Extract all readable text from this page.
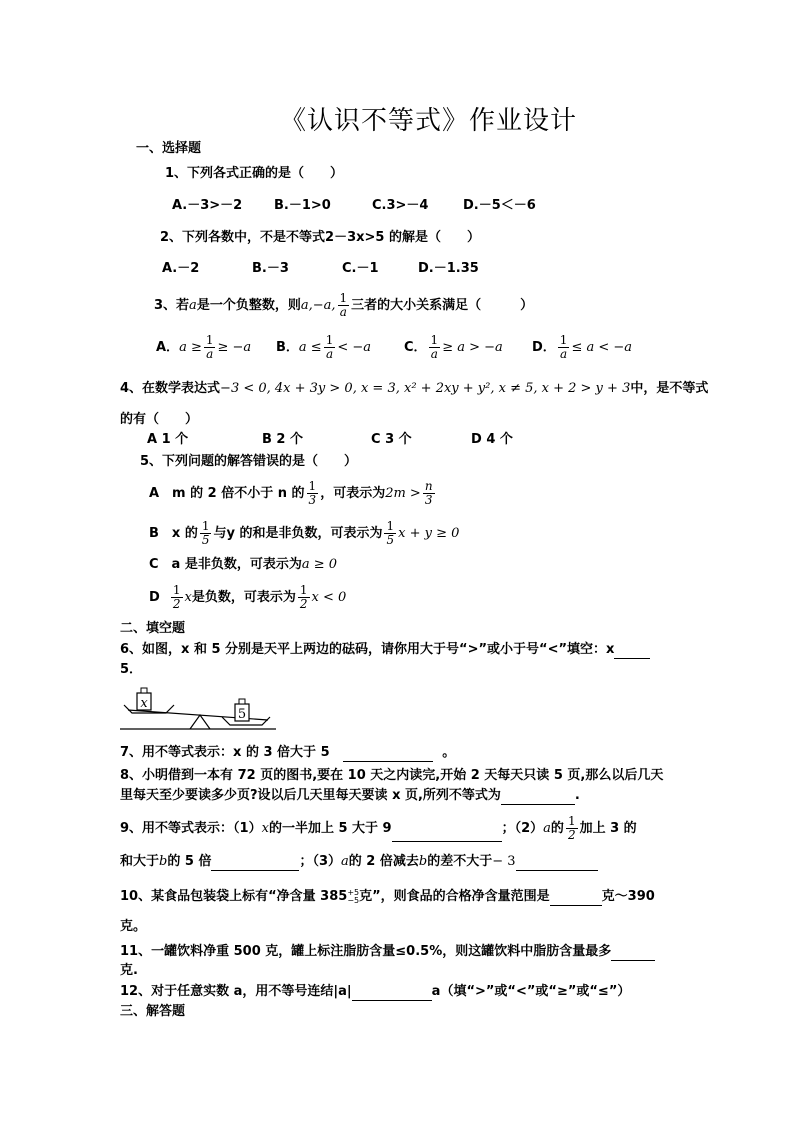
《认识不等式》作业设计
一、选择题
1、下列各式正确的是（　　）
A.－3>－2 B.－1>0	C.3>－4	D.－5＜－6
2、下列各数中，不是不等式2－3x>5 的解是（　　）
A.－2	B.－3	C.－1	D.－1.35
3、若a是一个负整数，则a,−a, $\frac{1}{a}$ 三者的大小关系满足（　　　）
A．$a \ge \frac{1}{a} \ge -a$ B．$a \le \frac{1}{a} < -a$	C． $\frac{1}{a} \ge a > -a$ D． $\frac{1}{a} \le a < -a$
4、在数学表达式−3 < 0, 4x + 3y > 0, x = 3, x² + 2xy + y², x ≠ 5, x + 2 > y + 3中，是不等式
的有（　　）
A 1 个	B 2 个	C 3 个	D 4 个
5、下列问题的解答错误的是（　　）
A　m 的 2 倍不小于 n 的 $\frac{1}{3}$ ，可表示为$2m > \frac{n}{3}$
B　x 的 $\frac{1}{5}$ 与y 的和是非负数，可表示为 $\frac{1}{5}$ x + y ≥ 0
C　a 是非负数，可表示为a ≥ 0
D $\frac{1}{2}$ x是负数，可表示为 $\frac{1}{2}$ x < 0
二、填空题
6、如图，x 和 5 分别是天平上两边的砝码，请你用大于号“>”或小于号“<”填空：x
5．
x
5
7、用不等式表示：x 的 3 倍大于 5	。
8、小明借到一本有 72 页的图书,要在 10 天之内读完,开始 2 天每天只读 5 页,那么以后几天
里每天至少要读多少页?设以后几天里每天要读 x 页,所列不等式为	.
9、用不等式表示：（1）x的一半加上 5 大于 9	；（2）a的 $\frac{1}{2}$ 加上 3 的
和大于b的 5 倍	；（3）a的 2 倍减去b的差不大于− 3
10、某食品包装袋上标有“净含量 385 +5
−5 克”，则食品的合格净含量范围是	克～390
克。
11、一罐饮料净重 500 克，罐上标注脂肪含量≤0.5%，则这罐饮料中脂肪含量最多
克.
12、对于任意实数 a，用不等号连结|a|	a（填“>”或“<”或“≥”或“≤”）
三、解答题
